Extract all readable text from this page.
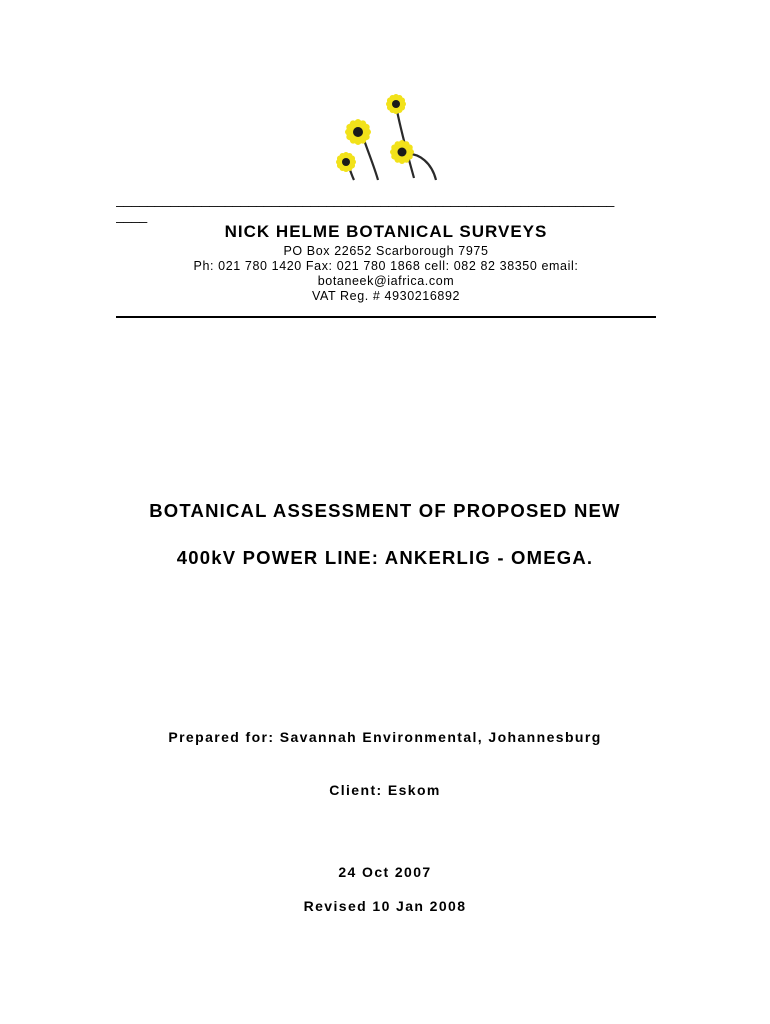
________________________________________________________________
____

NICK HELME BOTANICAL SURVEYS

PO Box 22652 Scarborough 7975

Ph: 021 780 1420 Fax: 021 780 1868 cell: 082 82 38350 email:

botaneek@iafrica.com

VAT Reg. # 4930216892

BOTANICAL ASSESSMENT OF PROPOSED NEW
400kV POWER LINE: ANKERLIG - OMEGA.

Prepared for: Savannah Environmental, Johannesburg

Client: Eskom

24 Oct 2007

Revised 10 Jan 2008
